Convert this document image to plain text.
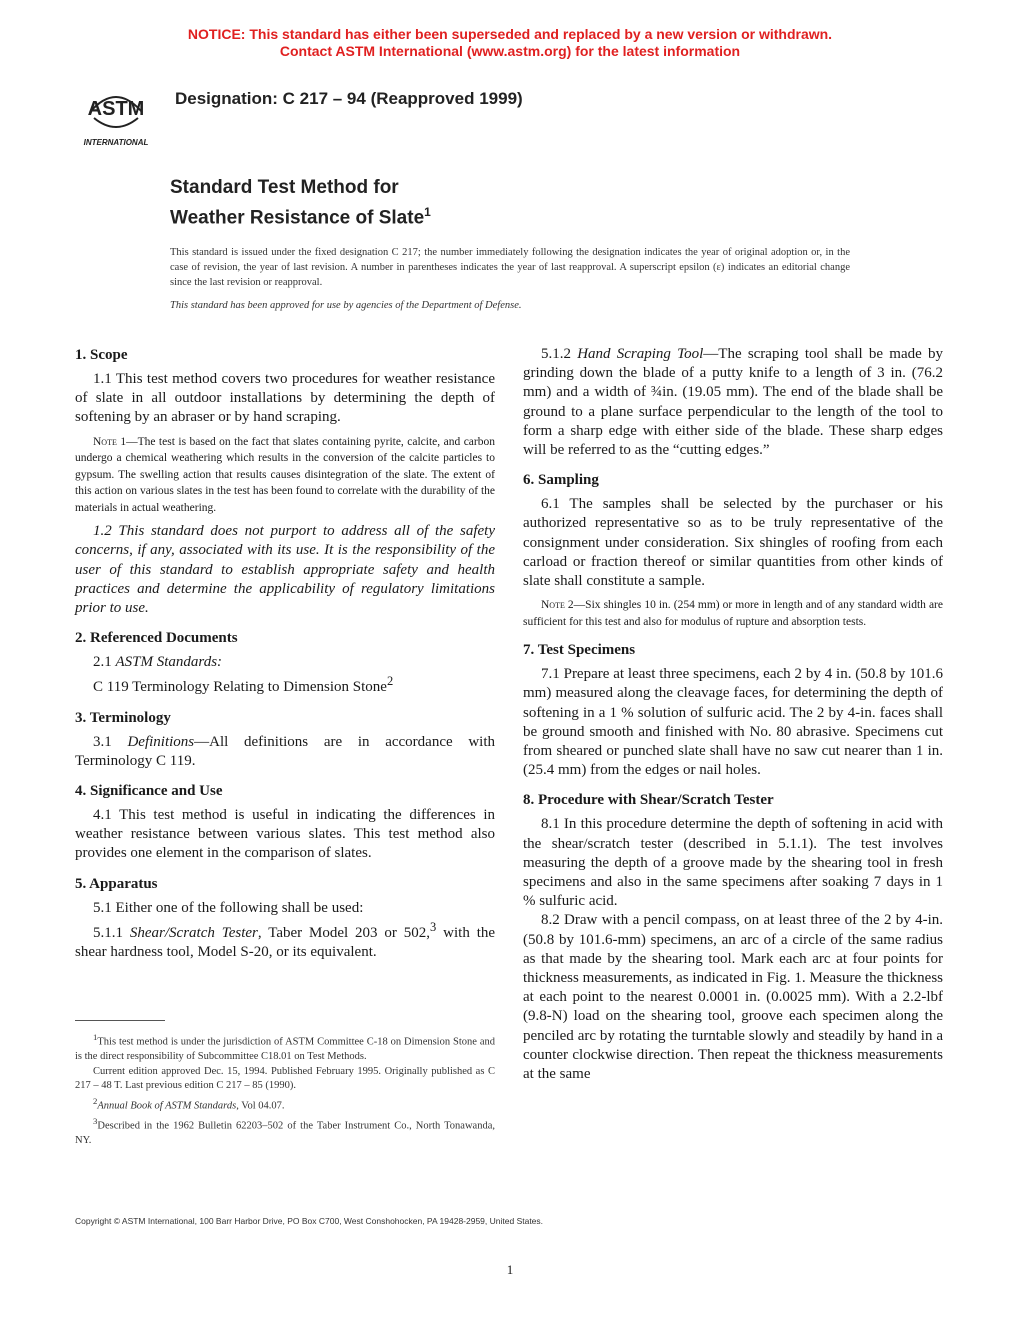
NOTICE: This standard has either been superseded and replaced by a new version or withdrawn.
Contact ASTM International (www.astm.org) for the latest information
ASTM
INTERNATIONAL
Designation: C 217 – 94 (Reapproved 1999)
Standard Test Method for
Weather Resistance of Slate$^1$
This standard is issued under the fixed designation C 217; the number immediately following the designation indicates the year of original adoption or, in the case of revision, the year of last revision. A number in parentheses indicates the year of last reapproval. A superscript epsilon (ε) indicates an editorial change since the last revision or reapproval.
This standard has been approved for use by agencies of the Department of Defense.
1. Scope

1.1 This test method covers two procedures for weather resistance of slate in all outdoor installations by determining the depth of softening by an abraser or by hand scraping.

Note 1—The test is based on the fact that slates containing pyrite, calcite, and carbon undergo a chemical weathering which results in the conversion of the calcite particles to gypsum. The swelling action that results causes disintegration of the slate. The extent of this action on various slates in the test has been found to correlate with the durability of the materials in actual weathering.

1.2 This standard does not purport to address all of the safety concerns, if any, associated with its use. It is the responsibility of the user of this standard to establish appropriate safety and health practices and determine the applicability of regulatory limitations prior to use.

2. Referenced Documents

2.1 ASTM Standards:

C 119 Terminology Relating to Dimension Stone$^2$

3. Terminology

3.1 Definitions—All definitions are in accordance with Terminology C 119.

4. Significance and Use

4.1 This test method is useful in indicating the differences in weather resistance between various slates. This test method also provides one element in the comparison of slates.

5. Apparatus

5.1 Either one of the following shall be used:

5.1.1 Shear/Scratch Tester, Taber Model 203 or 502,$^3$ with the shear hardness tool, Model S-20, or its equivalent.

5.1.2 Hand Scraping Tool—The scraping tool shall be made by grinding down the blade of a putty knife to a length of 3 in. (76.2 mm) and a width of ¾in. (19.05 mm). The end of the blade shall be ground to a plane surface perpendicular to the length of the tool to form a sharp edge with either side of the blade. These sharp edges will be referred to as the “cutting edges.”

6. Sampling

6.1 The samples shall be selected by the purchaser or his authorized representative so as to be truly representative of the consignment under consideration. Six shingles of roofing from each carload or fraction thereof or similar quantities from other kinds of slate shall constitute a sample.

Note 2—Six shingles 10 in. (254 mm) or more in length and of any standard width are sufficient for this test and also for modulus of rupture and absorption tests.

7. Test Specimens

7.1 Prepare at least three specimens, each 2 by 4 in. (50.8 by 101.6 mm) measured along the cleavage faces, for determining the depth of softening in a 1 % solution of sulfuric acid. The 2 by 4-in. faces shall be ground smooth and finished with No. 80 abrasive. Specimens cut from sheared or punched slate shall have no saw cut nearer than 1 in. (25.4 mm) from the edges or nail holes.

8. Procedure with Shear/Scratch Tester

8.1 In this procedure determine the depth of softening in acid with the shear/scratch tester (described in 5.1.1). The test involves measuring the depth of a groove made by the shearing tool in fresh specimens and also in the same specimens after soaking 7 days in 1 % sulfuric acid.

8.2 Draw with a pencil compass, on at least three of the 2 by 4-in. (50.8 by 101.6-mm) specimens, an arc of a circle of the same radius as that made by the shearing tool. Mark each arc at four points for thickness measurements, as indicated in Fig. 1. Measure the thickness at each point to the nearest 0.0001 in. (0.0025 mm). With a 2.2-lbf (9.8-N) load on the shearing tool, groove each specimen along the penciled arc by rotating the turntable slowly and steadily by hand in a counter clockwise direction. Then repeat the thickness measurements at the same

$^1$This test method is under the jurisdiction of ASTM Committee C-18 on Dimension Stone and is the direct responsibility of Subcommittee C18.01 on Test Methods.

Current edition approved Dec. 15, 1994. Published February 1995. Originally published as C 217 – 48 T. Last previous edition C 217 – 85 (1990).

$^2$Annual Book of ASTM Standards, Vol 04.07.

$^3$Described in the 1962 Bulletin 62203–502 of the Taber Instrument Co., North Tonawanda, NY.

Copyright © ASTM International, 100 Barr Harbor Drive, PO Box C700, West Conshohocken, PA 19428-2959, United States.
1
